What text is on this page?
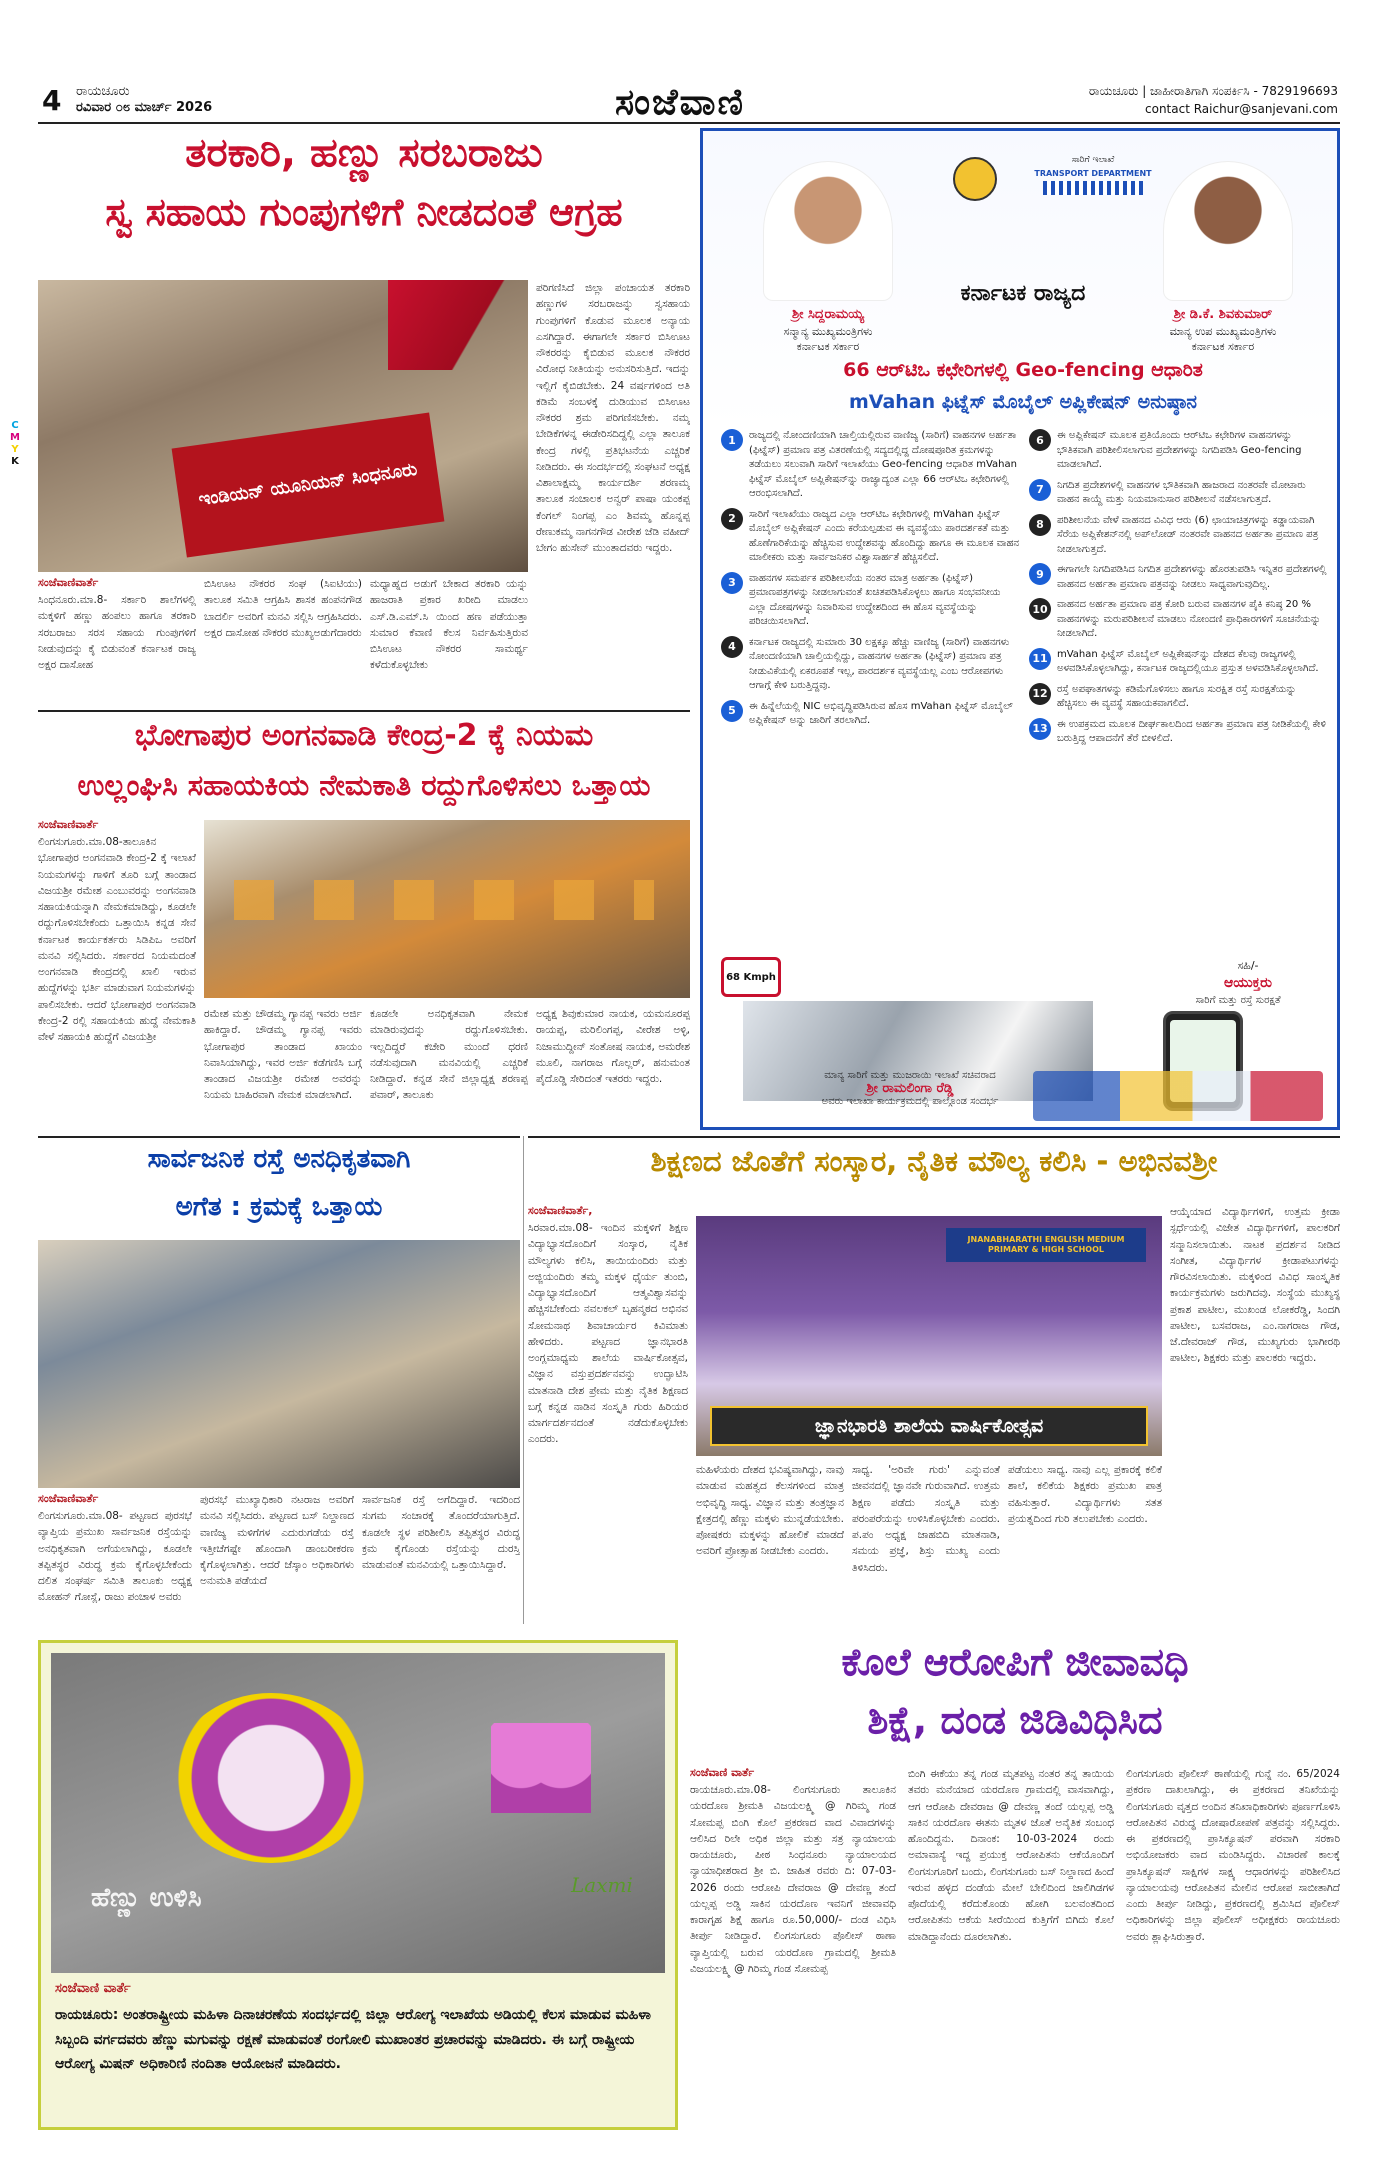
4 ರಾಯಚೂರು
ರವಿವಾರ ೦೮ ಮಾರ್ಚ್ 2026	ಸಂಜೆವಾಣಿ	ರಾಯಚೂರು | ಜಾಹೀರಾತಿಗಾಗಿ ಸಂಪರ್ಕಿಸಿ - 7829196693
contact Raichur@sanjevani.com
C
M
Y
K
ತರಕಾರಿ, ಹಣ್ಣು ಸರಬರಾಜು
ಸ್ವ ಸಹಾಯ ಗುಂಪುಗಳಿಗೆ ನೀಡದಂತೆ ಆಗ್ರಹ
ಇಂಡಿಯನ್ ಯೂನಿಯನ್ ಸಿಂಧನೂರು
ಪರಿಗಣಿಸಿದೆ ಜಿಲ್ಲಾ ಪಂಚಾಯತ ತರಕಾರಿ ಹಣ್ಣುಗಳ ಸರಬರಾಜನ್ನು ಸ್ವಸಹಾಯ ಗುಂಪುಗಳಿಗೆ ಕೊಡುವ ಮೂಲಕ ಅನ್ಯಾಯ ಎಸಗಿದ್ದಾರೆ. ಈಗಾಗಲೇ ಸರ್ಕಾರ ಬಿಸಿಊಟ ನೌಕರರನ್ನು ಕೈಬಿಡುವ ಮೂಲಕ ನೌಕರರ ವಿರೋಧ ನೀತಿಯನ್ನು ಅನುಸರಿಸುತ್ತಿದೆ. ಇದನ್ನು ಇಲ್ಲಿಗೆ ಕೈಬಿಡಬೇಕು. 24 ವರ್ಷಗಳಿಂದ ಅತಿ ಕಡಿಮೆ ಸಂಬಳಕ್ಕೆ ದುಡಿಯುವ ಬಿಸಿಊಟ ನೌಕರರ ಶ್ರಮ ಪರಿಗಣಿಸಬೇಕು. ನಮ್ಮ ಬೇಡಿಕೆಗಳನ್ನ ಈಡೇರಿಸದಿದ್ದಲ್ಲಿ ಎಲ್ಲಾ ತಾಲೂಕ ಕೇಂದ್ರ ಗಳಲ್ಲಿ ಪ್ರತಿಭಟನೆಯ ಎಚ್ಚರಿಕೆ ನೀಡಿದರು. ಈ ಸಂದರ್ಭದಲ್ಲಿ ಸಂಘಟನೆ ಅಧ್ಯಕ್ಷ ವಿಶಾಲಾಕ್ಷಮ್ಮ ಕಾರ್ಯದರ್ಶಿ ಶರಣಮ್ಮ ತಾಲೂಕ ಸಂಚಾಲಕ ಅನ್ವರ್ ಪಾಷಾ ಯಂಕಪ್ಪ ಕೆಂಗಲ್ ನಿಂಗಪ್ಪ ಎಂ ಶಿವಮ್ಮ ಹೊನ್ನಪ್ಪ ರೇಣುಕಮ್ಮ ನಾಗನಗೌಡ ವೀರೇಶ ಜೆಡಿ ವಹೀದ್ ಬೇಗಂ ಹುಸೇನ್ ಮುಂತಾದವರು ಇದ್ದರು.
ಸಂಜೆವಾಣಿವಾರ್ತೆ
ಸಿಂಧನೂರು.ಮಾ.8- ಸರ್ಕಾರಿ ಶಾಲೆಗಳಲ್ಲಿ ಮಕ್ಕಳಿಗೆ ಹಣ್ಣು ಹಂಪಲು ಹಾಗೂ ತರಕಾರಿ ಸರಬರಾಜು ಸರಸ ಸಹಾಯ ಗುಂಪುಗಳಿಗೆ ನೀಡುವುದನ್ನು ಕೈ ಬಿಡುವಂತೆ ಕರ್ನಾಟಕ ರಾಜ್ಯ ಅಕ್ಷರ ದಾಸೋಹ
ಬಿಸಿಊಟ ನೌಕರರ ಸಂಘ (ಸಿಐಟಿಯು) ತಾಲೂಕ ಸಮಿತಿ ಆಗ್ರಹಿಸಿ ಶಾಸಕ ಹಂಪನಗೌಡ ಬಾದರ್ಲಿ ಅವರಿಗೆ ಮನವಿ ಸಲ್ಲಿಸಿ ಆಗ್ರಹಿಸಿದರು. ಅಕ್ಷರ ದಾಸೋಹ ನೌಕರರ ಮುಖ್ಯಅಡುಗೆದಾರರು
ಮಧ್ಯಾಹ್ನದ ಅಡುಗೆ ಬೇಕಾದ ತರಕಾರಿ ಯನ್ನು ಹಾಜರಾತಿ ಪ್ರಕಾರ ಖರೀದಿ ಮಾಡಲು ಎಸ್.ಡಿ.ಎಮ್.ಸಿ ಯಿಂದ ಹಣ ಪಡೆಯುತ್ತಾ ಸುಮಾರ ಕೆವಾಣಿ ಕೆಲಸ ನಿರ್ವಹಿಸುತ್ತಿರುವ ಬಿಸಿಊಟ ನೌಕರರ ಸಾಮರ್ಥ್ಯ ಕಳೆದುಕೊಳ್ಳಬೇಕು
ಭೋಗಾಪುರ ಅಂಗನವಾಡಿ ಕೇಂದ್ರ-2 ಕ್ಕೆ ನಿಯಮ
ಉಲ್ಲಂಘಿಸಿ ಸಹಾಯಕಿಯ ನೇಮಕಾತಿ ರದ್ದುಗೊಳಿಸಲು ಒತ್ತಾಯ
ಸಂಜೆವಾಣಿವಾರ್ತೆ
ಲಿಂಗಸುಗೂರು.ಮಾ.08-ತಾಲೂಕಿನ ಭೋಗಾಪುರ ಅಂಗನವಾಡಿ ಕೇಂದ್ರ-2 ಕ್ಕೆ ಇಲಾಖೆ ನಿಯಮಗಳನ್ನು ಗಾಳಿಗೆ ತೂರಿ ಬಗ್ಗೆ ತಾಂಡಾದ ವಿಜಯಶ್ರೀ ರಮೇಶ ಎಂಬುವರನ್ನು ಅಂಗನವಾಡಿ ಸಹಾಯಕಿಯನ್ನಾಗಿ ನೇಮಕಮಾಡಿದ್ದು, ಕೂಡಲೇ ರದ್ದುಗೊಳಿಸಬೇಕೆಂದು ಒತ್ತಾಯಿಸಿ ಕನ್ನಡ ಸೇನೆ ಕರ್ನಾಟಕ ಕಾರ್ಯಕರ್ತರು ಸಿಡಿಪಿಒ ಅವರಿಗೆ ಮನವಿ ಸಲ್ಲಿಸಿದರು. ಸರ್ಕಾರದ ನಿಯಮದಂತೆ ಅಂಗನವಾಡಿ ಕೇಂದ್ರದಲ್ಲಿ ಖಾಲಿ ಇರುವ ಹುದ್ದೆಗಳನ್ನು ಭರ್ತಿ ಮಾಡುವಾಗ ನಿಯಮಗಳನ್ನು ಪಾಲಿಸಬೇಕು. ಆದರೆ ಭೋಗಾಪುರ ಅಂಗನವಾಡಿ ಕೇಂದ್ರ-2 ರಲ್ಲಿ ಸಹಾಯಕಿಯ ಹುದ್ದೆ ನೇಮಕಾತಿ ವೇಳೆ ಸಹಾಯಕಿ ಹುದ್ದೆಗೆ ವಿಜಯಶ್ರೀ
ರಮೇಶ ಮತ್ತು ಚೌಡಮ್ಮ ಗ್ಯಾನಪ್ಪ ಇವರು ಅರ್ಜಿ ಹಾಕಿದ್ದಾರೆ. ಚೌಡಮ್ಮ ಗ್ಯಾನಪ್ಪ ಇವರು ಭೋಗಾಪುರ ತಾಂಡಾದ ಖಾಯಂ ನಿವಾಸಿಯಾಗಿದ್ದು, ಇವರ ಅರ್ಜಿ ಕಡೆಗಣಿಸಿ ಬಗ್ಗೆ ತಾಂಡಾದ ವಿಜಯಶ್ರೀ ರಮೇಶ ಅವರನ್ನು ನಿಯಮ ಬಾಹಿರವಾಗಿ ನೇಮಕ ಮಾಡಲಾಗಿದೆ.
ಕೂಡಲೇ ಅನಧಿಕೃತವಾಗಿ ನೇಮಕ ಮಾಡಿರುವುದನ್ನು ರದ್ದುಗೊಳಿಸಬೇಕು. ಇಲ್ಲದಿದ್ದರೆ ಕಚೇರಿ ಮುಂದೆ ಧರಣಿ ನಡೆಸುವುದಾಗಿ ಮನವಿಯಲ್ಲಿ ಎಚ್ಚರಿಕೆ ನೀಡಿದ್ದಾರೆ. ಕನ್ನಡ ಸೇನೆ ಜಿಲ್ಲಾಧ್ಯಕ್ಷ ಶರಣಪ್ಪ ಪವಾರ್, ತಾಲೂಕು
ಅಧ್ಯಕ್ಷ ಶಿವುಕುಮಾರ ನಾಯಕ, ಯಮನೂರಪ್ಪ ರಾಯಪ್ಪ, ಮರಿಲಿಂಗಪ್ಪ, ವೀರೇಶ ಅಳ್ಳಿ, ನಿಜಾಮುದ್ದೀನ್ ಸಂತೋಷ ನಾಯಕ, ಅಮರೇಶ ಮೂಲಿ, ನಾಗರಾಜ ಗೊಲ್ಲರ್, ಹನುಮಂತ ಪೈದೊಡ್ಡಿ ಸೇರಿದಂತೆ ಇತರರು ಇದ್ದರು.
ಶ್ರೀ ಸಿದ್ದರಾಮಯ್ಯ
ಸನ್ಮಾನ್ಯ ಮುಖ್ಯಮಂತ್ರಿಗಳು
ಕರ್ನಾಟಕ ಸರ್ಕಾರ
ಸಾರಿಗೆ ಇಲಾಖೆ
TRANSPORT DEPARTMENT
ಶ್ರೀ ಡಿ.ಕೆ. ಶಿವಕುಮಾರ್
ಮಾನ್ಯ ಉಪ ಮುಖ್ಯಮಂತ್ರಿಗಳು
ಕರ್ನಾಟಕ ಸರ್ಕಾರ
ಕರ್ನಾಟಕ ರಾಜ್ಯದ
66 ಆರ್‌ಟಿಒ ಕಛೇರಿಗಳಲ್ಲಿ Geo-fencing ಆಧಾರಿತ
mVahan ಫಿಟ್ನೆಸ್ ಮೊಬೈಲ್ ಅಪ್ಲಿಕೇಷನ್ ಅನುಷ್ಠಾನ
1	ರಾಜ್ಯದಲ್ಲಿ ನೋಂದಣಿಯಾಗಿ ಚಾಲ್ತಿಯಲ್ಲಿರುವ ವಾಣಿಜ್ಯ (ಸಾರಿಗೆ) ವಾಹನಗಳ ಅರ್ಹತಾ (ಫಿಟ್ನೆಸ್) ಪ್ರಮಾಣ ಪತ್ರ ವಿತರಣೆಯಲ್ಲಿ ಸದ್ಯದಲ್ಲಿದ್ದ ದೋಷಪೂರಿತ ಕ್ರಮಗಳನ್ನು ತಡೆಯಲು ಸಲುವಾಗಿ ಸಾರಿಗೆ ಇಲಾಖೆಯು Geo-fencing ಆಧಾರಿತ mVahan ಫಿಟ್ನೆಸ್ ಮೊಬೈಲ್ ಅಪ್ಲಿಕೇಷನ್‌ನ್ನು ರಾಜ್ಯಾದ್ಯಂತ ಎಲ್ಲಾ 66 ಆರ್‌ಟಿಒ ಕಛೇರಿಗಳಲ್ಲಿ ಆರಂಭಿಸಲಾಗಿದೆ.
2	ಸಾರಿಗೆ ಇಲಾಖೆಯು ರಾಜ್ಯದ ಎಲ್ಲಾ ಆರ್‌ಟಿಒ ಕಛೇರಿಗಳಲ್ಲಿ mVahan ಫಿಟ್ನೆಸ್ ಮೊಬೈಲ್ ಅಪ್ಲಿಕೇಷನ್ ಎಂದು ಕರೆಯಲ್ಪಡುವ ಈ ವ್ಯವಸ್ಥೆಯು ಪಾರದರ್ಶಕತೆ ಮತ್ತು ಹೊಣೆಗಾರಿಕೆಯನ್ನು ಹೆಚ್ಚಿಸುವ ಉದ್ದೇಶವನ್ನು ಹೊಂದಿದ್ದು ಹಾಗೂ ಈ ಮೂಲಕ ವಾಹನ ಮಾಲೀಕರು ಮತ್ತು ಸಾರ್ವಜನಿಕರ ವಿಶ್ವಾಸಾರ್ಹತೆ ಹೆಚ್ಚಿಸಲಿದೆ.
3	ವಾಹನಗಳ ಸಮರ್ಪಕ ಪರಿಶೀಲನೆಯ ನಂತರ ಮಾತ್ರ ಅರ್ಹತಾ (ಫಿಟ್ನೆಸ್) ಪ್ರಮಾಣಪತ್ರಗಳನ್ನು ನೀಡಲಾಗುವಂತೆ ಖಚಿತಪಡಿಸಿಕೊಳ್ಳಲು ಹಾಗೂ ಸಂಭವನೀಯ ಎಲ್ಲಾ ದೋಷಗಳನ್ನು ನಿವಾರಿಸುವ ಉದ್ದೇಶದಿಂದ ಈ ಹೊಸ ವ್ಯವಸ್ಥೆಯನ್ನು ಪರಿಚಯಿಸಲಾಗಿದೆ.
4	ಕರ್ನಾಟಕ ರಾಜ್ಯದಲ್ಲಿ ಸುಮಾರು 30 ಲಕ್ಷಕ್ಕೂ ಹೆಚ್ಚು ವಾಣಿಜ್ಯ (ಸಾರಿಗೆ) ವಾಹನಗಳು ನೋಂದಣಿಯಾಗಿ ಚಾಲ್ತಿಯಲ್ಲಿದ್ದು, ವಾಹನಗಳ ಅರ್ಹತಾ (ಫಿಟ್ನೆಸ್) ಪ್ರಮಾಣ ಪತ್ರ ನೀಡುವಿಕೆಯಲ್ಲಿ ಏಕರೂಪತೆ ಇಲ್ಲ, ಪಾರದರ್ಶಕ ವ್ಯವಸ್ಥೆಯಲ್ಲ ಎಂಬ ಆರೋಪಗಳು ಆಗಾಗ್ಗೆ ಕೇಳಿ ಬರುತ್ತಿದ್ದವು.
5	ಈ ಹಿನ್ನೆಲೆಯಲ್ಲಿ NIC ಅಭಿವೃದ್ಧಿಪಡಿಸಿರುವ ಹೊಸ mVahan ಫಿಟ್ನೆಸ್ ಮೊಬೈಲ್ ಅಪ್ಲಿಕೇಷನ್ ಅನ್ನು ಜಾರಿಗೆ ತರಲಾಗಿದೆ.
6	ಈ ಅಪ್ಲಿಕೇಷನ್ ಮೂಲಕ ಪ್ರತಿಯೊಂದು ಆರ್‌ಟಿಒ ಕಛೇರಿಗಳ ವಾಹನಗಳನ್ನು ಭೌತಿಕವಾಗಿ ಪರಿಶೀಲಿಸಲಾಗುವ ಪ್ರದೇಶಗಳನ್ನು ನಿಗದಿಪಡಿಸಿ Geo-fencing ಮಾಡಲಾಗಿದೆ.
7	ನಿಗದಿತ ಪ್ರದೇಶಗಳಲ್ಲಿ ವಾಹನಗಳ ಭೌತಿಕವಾಗಿ ಹಾಜರಾದ ನಂತರವೇ ಮೋಟಾರು ವಾಹನ ಕಾಯ್ದೆ ಮತ್ತು ನಿಯಮಾನುಸಾರ ಪರಿಶೀಲನೆ ನಡೆಸಲಾಗುತ್ತದೆ.
8	ಪರಿಶೀಲನೆಯ ವೇಳೆ ವಾಹನದ ವಿವಿಧ ಆರು (6) ಛಾಯಾಚಿತ್ರಗಳನ್ನು ಕಡ್ಡಾಯವಾಗಿ ಸೆರೆಯ ಅಪ್ಲಿಕೇಶನ್‌ನಲ್ಲಿ ಅಪ್‌ಲೋಡ್ ನಂತರವೇ ವಾಹನದ ಅರ್ಹತಾ ಪ್ರಮಾಣ ಪತ್ರ ನೀಡಲಾಗುತ್ತದೆ.
9	ಈಗಾಗಲೇ ನಿಗದಿಪಡಿಸಿದ ನಿಗದಿತ ಪ್ರದೇಶಗಳನ್ನು ಹೊರತುಪಡಿಸಿ ಇನ್ನಿತರ ಪ್ರದೇಶಗಳಲ್ಲಿ ವಾಹನದ ಅರ್ಹತಾ ಪ್ರಮಾಣ ಪತ್ರವನ್ನು ನೀಡಲು ಸಾಧ್ಯವಾಗುವುದಿಲ್ಲ.
10 ವಾಹನದ ಅರ್ಹತಾ ಪ್ರಮಾಣ ಪತ್ರ ಕೋರಿ ಬರುವ ವಾಹನಗಳ ಪೈಕಿ ಕನಿಷ್ಠ 20 % ವಾಹನಗಳನ್ನು ಮರುಪರಿಶೀಲನೆ ಮಾಡಲು ನೋಂದಣಿ ಪ್ರಾಧಿಕಾರಗಳಿಗೆ ಸೂಚನೆಯನ್ನು ನೀಡಲಾಗಿದೆ.
11 mVahan ಫಿಟ್ನೆಸ್ ಮೊಬೈಲ್ ಅಪ್ಲಿಕೇಷನ್‌ನ್ನು ದೇಶದ ಕೆಲವು ರಾಜ್ಯಗಳಲ್ಲಿ ಅಳವಡಿಸಿಕೊಳ್ಳಲಾಗಿದ್ದು, ಕರ್ನಾಟಕ ರಾಜ್ಯದಲ್ಲಿಯೂ ಪ್ರಸ್ತುತ ಅಳವಡಿಸಿಕೊಳ್ಳಲಾಗಿದೆ.
12 ರಸ್ತೆ ಅಪಘಾತಗಳನ್ನು ಕಡಿಮೆಗೊಳಿಸಲು ಹಾಗೂ ಸುರಕ್ಷಿತ ರಸ್ತೆ ಸುರಕ್ಷತೆಯನ್ನು ಹೆಚ್ಚಿಸಲು ಈ ವ್ಯವಸ್ಥೆ ಸಹಾಯಕವಾಗಲಿದೆ.
13 ಈ ಉಪಕ್ರಮದ ಮೂಲಕ ದೀರ್ಘಕಾಲದಿಂದ ಅರ್ಹತಾ ಪ್ರಮಾಣ ಪತ್ರ ನೀಡಿಕೆಯಲ್ಲಿ ಕೇಳಿ ಬರುತ್ತಿದ್ದ ಆಪಾದನೆಗೆ ತೆರೆ ಬೀಳಲಿದೆ.
68 Kmph
ಸಹಿ/-
ಆಯುಕ್ತರು
ಸಾರಿಗೆ ಮತ್ತು ರಸ್ತೆ ಸುರಕ್ಷತೆ
ಮಾನ್ಯ ಸಾರಿಗೆ ಮತ್ತು ಮುಜರಾಯಿ ಇಲಾಖೆ ಸಚಿವರಾದ
ಶ್ರೀ ರಾಮಲಿಂಗಾ ರೆಡ್ಡಿ
ಅವರು ಇಲಾಖಾ ಕಾರ್ಯಕ್ರಮದಲ್ಲಿ ಪಾಲ್ಗೊಂಡ ಸಂದರ್ಭ
ಸಾರ್ವಜನಿಕ ರಸ್ತೆ ಅನಧಿಕೃತವಾಗಿ
ಅಗೆತ : ಕ್ರಮಕ್ಕೆ ಒತ್ತಾಯ
ಸಂಜೆವಾಣಿವಾರ್ತೆ
ಲಿಂಗಸುಗೂರು.ಮಾ.08- ಪಟ್ಟಣದ ಪುರಸಭೆ ವ್ಯಾಪ್ತಿಯ ಪ್ರಮುಖ ಸಾರ್ವಜನಿಕ ರಸ್ತೆಯನ್ನು ಅನಧಿಕೃತವಾಗಿ ಅಗೆಯಲಾಗಿದ್ದು, ಕೂಡಲೇ ತಪ್ಪಿತಸ್ಥರ ವಿರುದ್ಧ ಕ್ರಮ ಕೈಗೊಳ್ಳಬೇಕೆಂದು ದಲಿತ ಸಂಘರ್ಷ ಸಮಿತಿ ತಾಲೂಕು ಅಧ್ಯಕ್ಷ ಮೋಹನ್ ಗೋಸ್ಲೆ, ರಾಜು ಪಂಚಾಳ ಅವರು
ಪುರಸಭೆ ಮುಖ್ಯಾಧಿಕಾರಿ ನಟರಾಜ ಅವರಿಗೆ ಮನವಿ ಸಲ್ಲಿಸಿದರು. ಪಟ್ಟಣದ ಬಸ್ ನಿಲ್ದಾಣದ ವಾಣಿಜ್ಯ ಮಳಿಗೆಗಳ ಎದುರುಗಡೆಯ ರಸ್ತೆ ಇತ್ತೀಚೆಗಷ್ಟೇ ಹೊಂದಾಗಿ ಡಾಂಬರೀಕರಣ ಕೈಗೊಳ್ಳಲಾಗಿತ್ತು. ಆದರೆ ಜೆಸ್ಕಾಂ ಅಧಿಕಾರಿಗಳು ಅನುಮತಿ ಪಡೆಯದೆ
ಸಾರ್ವಜನಿಕ ರಸ್ತೆ ಅಗೆದಿದ್ದಾರೆ. ಇದರಿಂದ ಸುಗಮ ಸಂಚಾರಕ್ಕೆ ತೊಂದರೆಯಾಗುತ್ತಿದೆ. ಕೂಡಲೇ ಸ್ಥಳ ಪರಿಶೀಲಿಸಿ ತಪ್ಪಿತಸ್ಥರ ವಿರುದ್ಧ ಕ್ರಮ ಕೈಗೊಂಡು ರಸ್ತೆಯನ್ನು ದುರಸ್ತಿ ಮಾಡುವಂತೆ ಮನವಿಯಲ್ಲಿ ಒತ್ತಾಯಿಸಿದ್ದಾರೆ.
ಶಿಕ್ಷಣದ ಜೊತೆಗೆ ಸಂಸ್ಕಾರ, ನೈತಿಕ ಮೌಲ್ಯ ಕಲಿಸಿ - ಅಭಿನವಶ್ರೀ
ಸಂಜೆವಾಣಿವಾರ್ತೆ,
ಸಿರವಾರ.ಮಾ.08- ಇಂದಿನ ಮಕ್ಕಳಿಗೆ ಶಿಕ್ಷಣ ವಿದ್ಯಾಭ್ಯಾಸದೊಂದಿಗೆ ಸಂಸ್ಕಾರ, ನೈತಿಕ ಮೌಲ್ಯಗಳು ಕಲಿಸಿ, ತಾಯಿಯಂದಿರು ಮತ್ತು ಅಜ್ಜಿಯಂದಿರು ತಮ್ಮ ಮಕ್ಕಳ ಧೈರ್ಯ ತುಂಬಿ, ವಿದ್ಯಾಭ್ಯಾಸದೊಂದಿಗೆ ಆತ್ಮವಿಶ್ವಾಸವನ್ನು ಹೆಚ್ಚಿಸಬೇಕೆಂದು ನವಲಕಲ್ ಬೃಹನ್ಮಠದ ಅಭಿನವ ಸೋಮನಾಥ ಶಿವಾಚಾರ್ಯರ ಕಿವಿಮಾತು ಹೇಳಿದರು. ಪಟ್ಟಣದ ಜ್ಞಾನಭಾರತಿ ಅಂಗ್ಲಮಾಧ್ಯಮ ಶಾಲೆಯ ವಾರ್ಷಿಕೋತ್ಸವ, ವಿಜ್ಞಾನ ವಸ್ತುಪ್ರದರ್ಶನವನ್ನು ಉದ್ಘಾಟಿಸಿ ಮಾತನಾಡಿ ದೇಶ ಪ್ರೇಮ ಮತ್ತು ನೈತಿಕ ಶಿಕ್ಷಣದ ಬಗ್ಗೆ ಕನ್ನಡ ನಾಡಿನ ಸಂಸ್ಕೃತಿ ಗುರು ಹಿರಿಯರ ಮಾರ್ಗದರ್ಶನದಂತೆ ನಡೆದುಕೊಳ್ಳಬೇಕು ಎಂದರು.
JNANABHARATHI ENGLISH MEDIUM PRIMARY & HIGH SCHOOL
ಜ್ಞಾನಭಾರತಿ ಶಾಲೆಯ ವಾರ್ಷಿಕೋತ್ಸವ
ಆಯ್ಕೆಯಾದ ವಿದ್ಯಾರ್ಥಿಗಳಿಗೆ, ಉತ್ತಮ ಕ್ರೀಡಾ ಸ್ಪರ್ಧೆಯಲ್ಲಿ ವಿಜೇತ ವಿದ್ಯಾರ್ಥಿಗಳಿಗೆ, ಪಾಲಕರಿಗೆ ಸನ್ಮಾನಿಸಲಾಯಿತು. ನಾಟಕ ಪ್ರದರ್ಶನ ನೀಡಿದ ಸಂಗೀತ, ವಿದ್ಯಾರ್ಥಿಗಳ ಕ್ರೀಡಾಪಟುಗಳನ್ನು ಗೌರವಿಸಲಾಯಿತು. ಮಕ್ಕಳಿಂದ ವಿವಿಧ ಸಾಂಸ್ಕೃತಿಕ ಕಾರ್ಯಕ್ರಮಗಳು ಜರುಗಿದವು. ಸಂಸ್ಥೆಯ ಮುಖ್ಯಸ್ಥ ಪ್ರಕಾಶ ಪಾಟೀಲ, ಮುಖಂಡ ಲೋಕರೆಡ್ಡಿ, ಸಿಂದಗಿ ಪಾಟೀಲ, ಬಸವರಾಜ, ಎಂ.ನಾಗರಾಜ ಗೌಡ, ಜೆ.ದೇವರಾಜ್ ಗೌಡ, ಮುಖ್ಯಗುರು ಭಾಗೀರಥಿ ಪಾಟೀಲ, ಶಿಕ್ಷಕರು ಮತ್ತು ಪಾಲಕರು ಇದ್ದರು.
ಮಹಿಳೆಯರು ದೇಶದ ಭವಿಷ್ಯವಾಗಿದ್ದು, ನಾವು ಮಾಡುವ ಮಹತ್ವದ ಕೆಲಸಗಳಿಂದ ಮಾತ್ರ ಅಭಿವೃದ್ಧಿ ಸಾಧ್ಯ. ವಿಜ್ಞಾನ ಮತ್ತು ತಂತ್ರಜ್ಞಾನ ಕ್ಷೇತ್ರದಲ್ಲಿ ಹೆಣ್ಣು ಮಕ್ಕಳು ಮುನ್ನಡೆಯಬೇಕು. ಪೋಷಕರು ಮಕ್ಕಳನ್ನು ಹೋಲಿಕೆ ಮಾಡದೆ ಅವರಿಗೆ ಪ್ರೋತ್ಸಾಹ ನೀಡಬೇಕು ಎಂದರು.
ಸಾಧ್ಯ. 'ಅರಿವೇ ಗುರು' ಎನ್ನುವಂತೆ ಜೀವನದಲ್ಲಿ ಜ್ಞಾನವೇ ಗುರುವಾಗಿದೆ. ಉತ್ತಮ ಶಿಕ್ಷಣ ಪಡೆದು ಸಂಸ್ಕೃತಿ ಮತ್ತು ಪರಂಪರೆಯನ್ನು ಉಳಿಸಿಕೊಳ್ಳಬೇಕು ಎಂದರು. ಪ.ಪಂ ಅಧ್ಯಕ್ಷ ಜಾಹಬಿದಿ ಮಾತನಾಡಿ, ಸಮಯ ಪ್ರಜ್ಞೆ, ಶಿಸ್ತು ಮುಖ್ಯ ಎಂದು ತಿಳಿಸಿದರು.
ಪಡೆಯಲು ಸಾಧ್ಯ. ನಾವು ಎಲ್ಲ ಪ್ರಕಾರಕ್ಕೆ ಕಲಿಕೆ ಶಾಲೆ, ಕಲಿಕೆಯ ಶಿಕ್ಷಕರು ಪ್ರಮುಖ ಪಾತ್ರ ವಹಿಸುತ್ತಾರೆ. ವಿದ್ಯಾರ್ಥಿಗಳು ಸತತ ಪ್ರಯತ್ನದಿಂದ ಗುರಿ ತಲುಪಬೇಕು ಎಂದರು.
Laxmi
ಹೆಣ್ಣು ಉಳಿಸಿ
ಸಂಜೆವಾಣಿ ವಾರ್ತೆ
ರಾಯಚೂರು: ಅಂತರಾಷ್ಟ್ರೀಯ ಮಹಿಳಾ ದಿನಾಚರಣೆಯ ಸಂದರ್ಭದಲ್ಲಿ ಜಿಲ್ಲಾ ಆರೋಗ್ಯ ಇಲಾಖೆಯ ಅಡಿಯಲ್ಲಿ ಕೆಲಸ ಮಾಡುವ ಮಹಿಳಾ ಸಿಬ್ಬಂದಿ ವರ್ಗದವರು ಹೆಣ್ಣು ಮಗುವನ್ನು ರಕ್ಷಣೆ ಮಾಡುವಂತೆ ರಂಗೋಲಿ ಮುಖಾಂತರ ಪ್ರಚಾರವನ್ನು ಮಾಡಿದರು. ಈ ಬಗ್ಗೆ ರಾಷ್ಟ್ರೀಯ ಆರೋಗ್ಯ ಮಿಷನ್ ಅಧಿಕಾರಿಣಿ ನಂದಿತಾ ಆಯೋಜನೆ ಮಾಡಿದರು.
ಕೊಲೆ ಆರೋಪಿಗೆ ಜೀವಾವಧಿ
ಶಿಕ್ಷೆ, ದಂಡ ಜಿಡಿವಿಧಿಸಿದ
ಸಂಜೆವಾಣಿ ವಾರ್ತೆ
ರಾಯಚೂರು.ಮಾ.08- ಲಿಂಗಸುಗೂರು ತಾಲೂಕಿನ ಯರದೊಣ ಶ್ರೀಮತಿ ವಿಜಯಲಕ್ಷ್ಮಿ @ ಗಿರಿಮ್ಮ ಗಂಡ ಸೋಮಪ್ಪ ಬಿಂಗಿ ಕೊಲೆ ಪ್ರಕರಣದ ವಾದ ವಿವಾದಗಳನ್ನು ಆಲಿಸಿದ ರಿಲೇ ಅಧಿಕ ಜಿಲ್ಲಾ ಮತ್ತು ಸತ್ರ ನ್ಯಾಯಾಲಯ ರಾಯಚೂರು, ಪೀಠ ಸಿಂಧನೂರು ನ್ಯಾಯಾಲಯದ ನ್ಯಾಯಾಧೀಶರಾದ ಶ್ರೀ ಬಿ. ಜಾಹಿತ ರವರು ದಿ: 07-03-2026 ರಂದು ಆರೋಪಿ ದೇವರಾಜ @ ದೇವಣ್ಣ ತಂದೆ ಯಲ್ಲಪ್ಪ ಅಡ್ಡಿ ಸಾಕಿನ ಯರದೊಣ ಇವನಿಗೆ ಜೀವಾವಧಿ ಕಾರಾಗೃಹ ಶಿಕ್ಷೆ ಹಾಗೂ ರೂ.50,000/- ದಂಡ ವಿಧಿಸಿ ತೀರ್ಪು ನೀಡಿದ್ದಾರೆ. ಲಿಂಗಸುಗೂರು ಪೊಲೀಸ್ ಠಾಣಾ ವ್ಯಾಪ್ತಿಯಲ್ಲಿ ಬರುವ ಯರದೊಣ ಗ್ರಾಮದಲ್ಲಿ ಶ್ರೀಮತಿ ವಿಜಯಲಕ್ಷ್ಮಿ @ ಗಿರಿಮ್ಮ ಗಂಡ ಸೋಮಪ್ಪ
ಬಿಂಗಿ ಈಕೆಯು ತನ್ನ ಗಂಡ ಮೃತಪಟ್ಟ ನಂತರ ತನ್ನ ತಾಯಿಯ ತವರು ಮನೆಯಾದ ಯರದೊಣ ಗ್ರಾಮದಲ್ಲಿ ವಾಸವಾಗಿದ್ದು, ಆಗ ಆರೋಪಿ ದೇವರಾಜ @ ದೇವಣ್ಣ ತಂದೆ ಯಲ್ಲಪ್ಪ ಅಡ್ಡಿ ಸಾಕಿನ ಯರದೊಣ ಈತನು ಮೃತಳ ಜೊತೆ ಅನೈತಿಕ ಸಂಬಂಧ ಹೊಂದಿದ್ದನು. ದಿನಾಂಕ: 10-03-2024 ರಂದು ಅಮಾವಾಸ್ಯೆ ಇದ್ದ ಪ್ರಯುಕ್ತ ಆರೋಪಿತನು ಆಕೆಯೊಂದಿಗೆ ಲಿಂಗಸುಗೂರಿಗೆ ಬಂದು, ಲಿಂಗಸುಗೂರು ಬಸ್ ನಿಲ್ದಾಣದ ಹಿಂದೆ ಇರುವ ಹಳ್ಳದ ದಂಡೆಯ ಮೇಲೆ ಬೇಲಿದಿಂದ ಜಾಲಿಗಿಡಗಳ ಪೊದೆಯಲ್ಲಿ ಕರೆದುಕೊಂಡು ಹೋಗಿ ಬಲವಂತದಿಂದ ಆರೋಪಿತನು ಆಕೆಯ ಸೀರೆಯಿಂದ ಕುತ್ತಿಗೆಗೆ ಬಿಗಿದು ಕೊಲೆ ಮಾಡಿದ್ದಾನೆಂದು ದೂರಲಾಗಿತು.
ಲಿಂಗಸುಗೂರು ಪೊಲೀಸ್ ಠಾಣೆಯಲ್ಲಿ ಗುನ್ನೆ ನಂ. 65/2024 ಪ್ರಕರಣ ದಾಖಲಾಗಿದ್ದು, ಈ ಪ್ರಕರಣದ ತನಿಖೆಯನ್ನು ಲಿಂಗಸುಗೂರು ವೃತ್ತದ ಅಂದಿನ ತನಿಖಾಧಿಕಾರಿಗಳು ಪೂರ್ಣಗೊಳಿಸಿ ಆರೋಪಿತನ ವಿರುದ್ಧ ದೋಷಾರೋಪಣೆ ಪತ್ರವನ್ನು ಸಲ್ಲಿಸಿದ್ದರು. ಈ ಪ್ರಕರಣದಲ್ಲಿ ಪ್ರಾಸಿಕ್ಯೂಷನ್ ಪರವಾಗಿ ಸರಕಾರಿ ಅಭಿಯೋಜಕರು ವಾದ ಮಂಡಿಸಿದ್ದರು. ವಿಚಾರಣೆ ಕಾಲಕ್ಕೆ ಪ್ರಾಸಿಕ್ಯೂಷನ್ ಸಾಕ್ಷಿಗಳ ಸಾಕ್ಷ್ಯ ಆಧಾರಗಳನ್ನು ಪರಿಶೀಲಿಸಿದ ನ್ಯಾಯಾಲಯವು ಆರೋಪಿತನ ಮೇಲಿನ ಆರೋಪ ಸಾಬೀತಾಗಿದೆ ಎಂದು ತೀರ್ಪು ನೀಡಿದ್ದು, ಪ್ರಕರಣದಲ್ಲಿ ಶ್ರಮಿಸಿದ ಪೊಲೀಸ್ ಅಧಿಕಾರಿಗಳನ್ನು ಜಿಲ್ಲಾ ಪೊಲೀಸ್ ಅಧೀಕ್ಷಕರು ರಾಯಚೂರು ಅವರು ಶ್ಲಾಘಿಸಿರುತ್ತಾರೆ.
